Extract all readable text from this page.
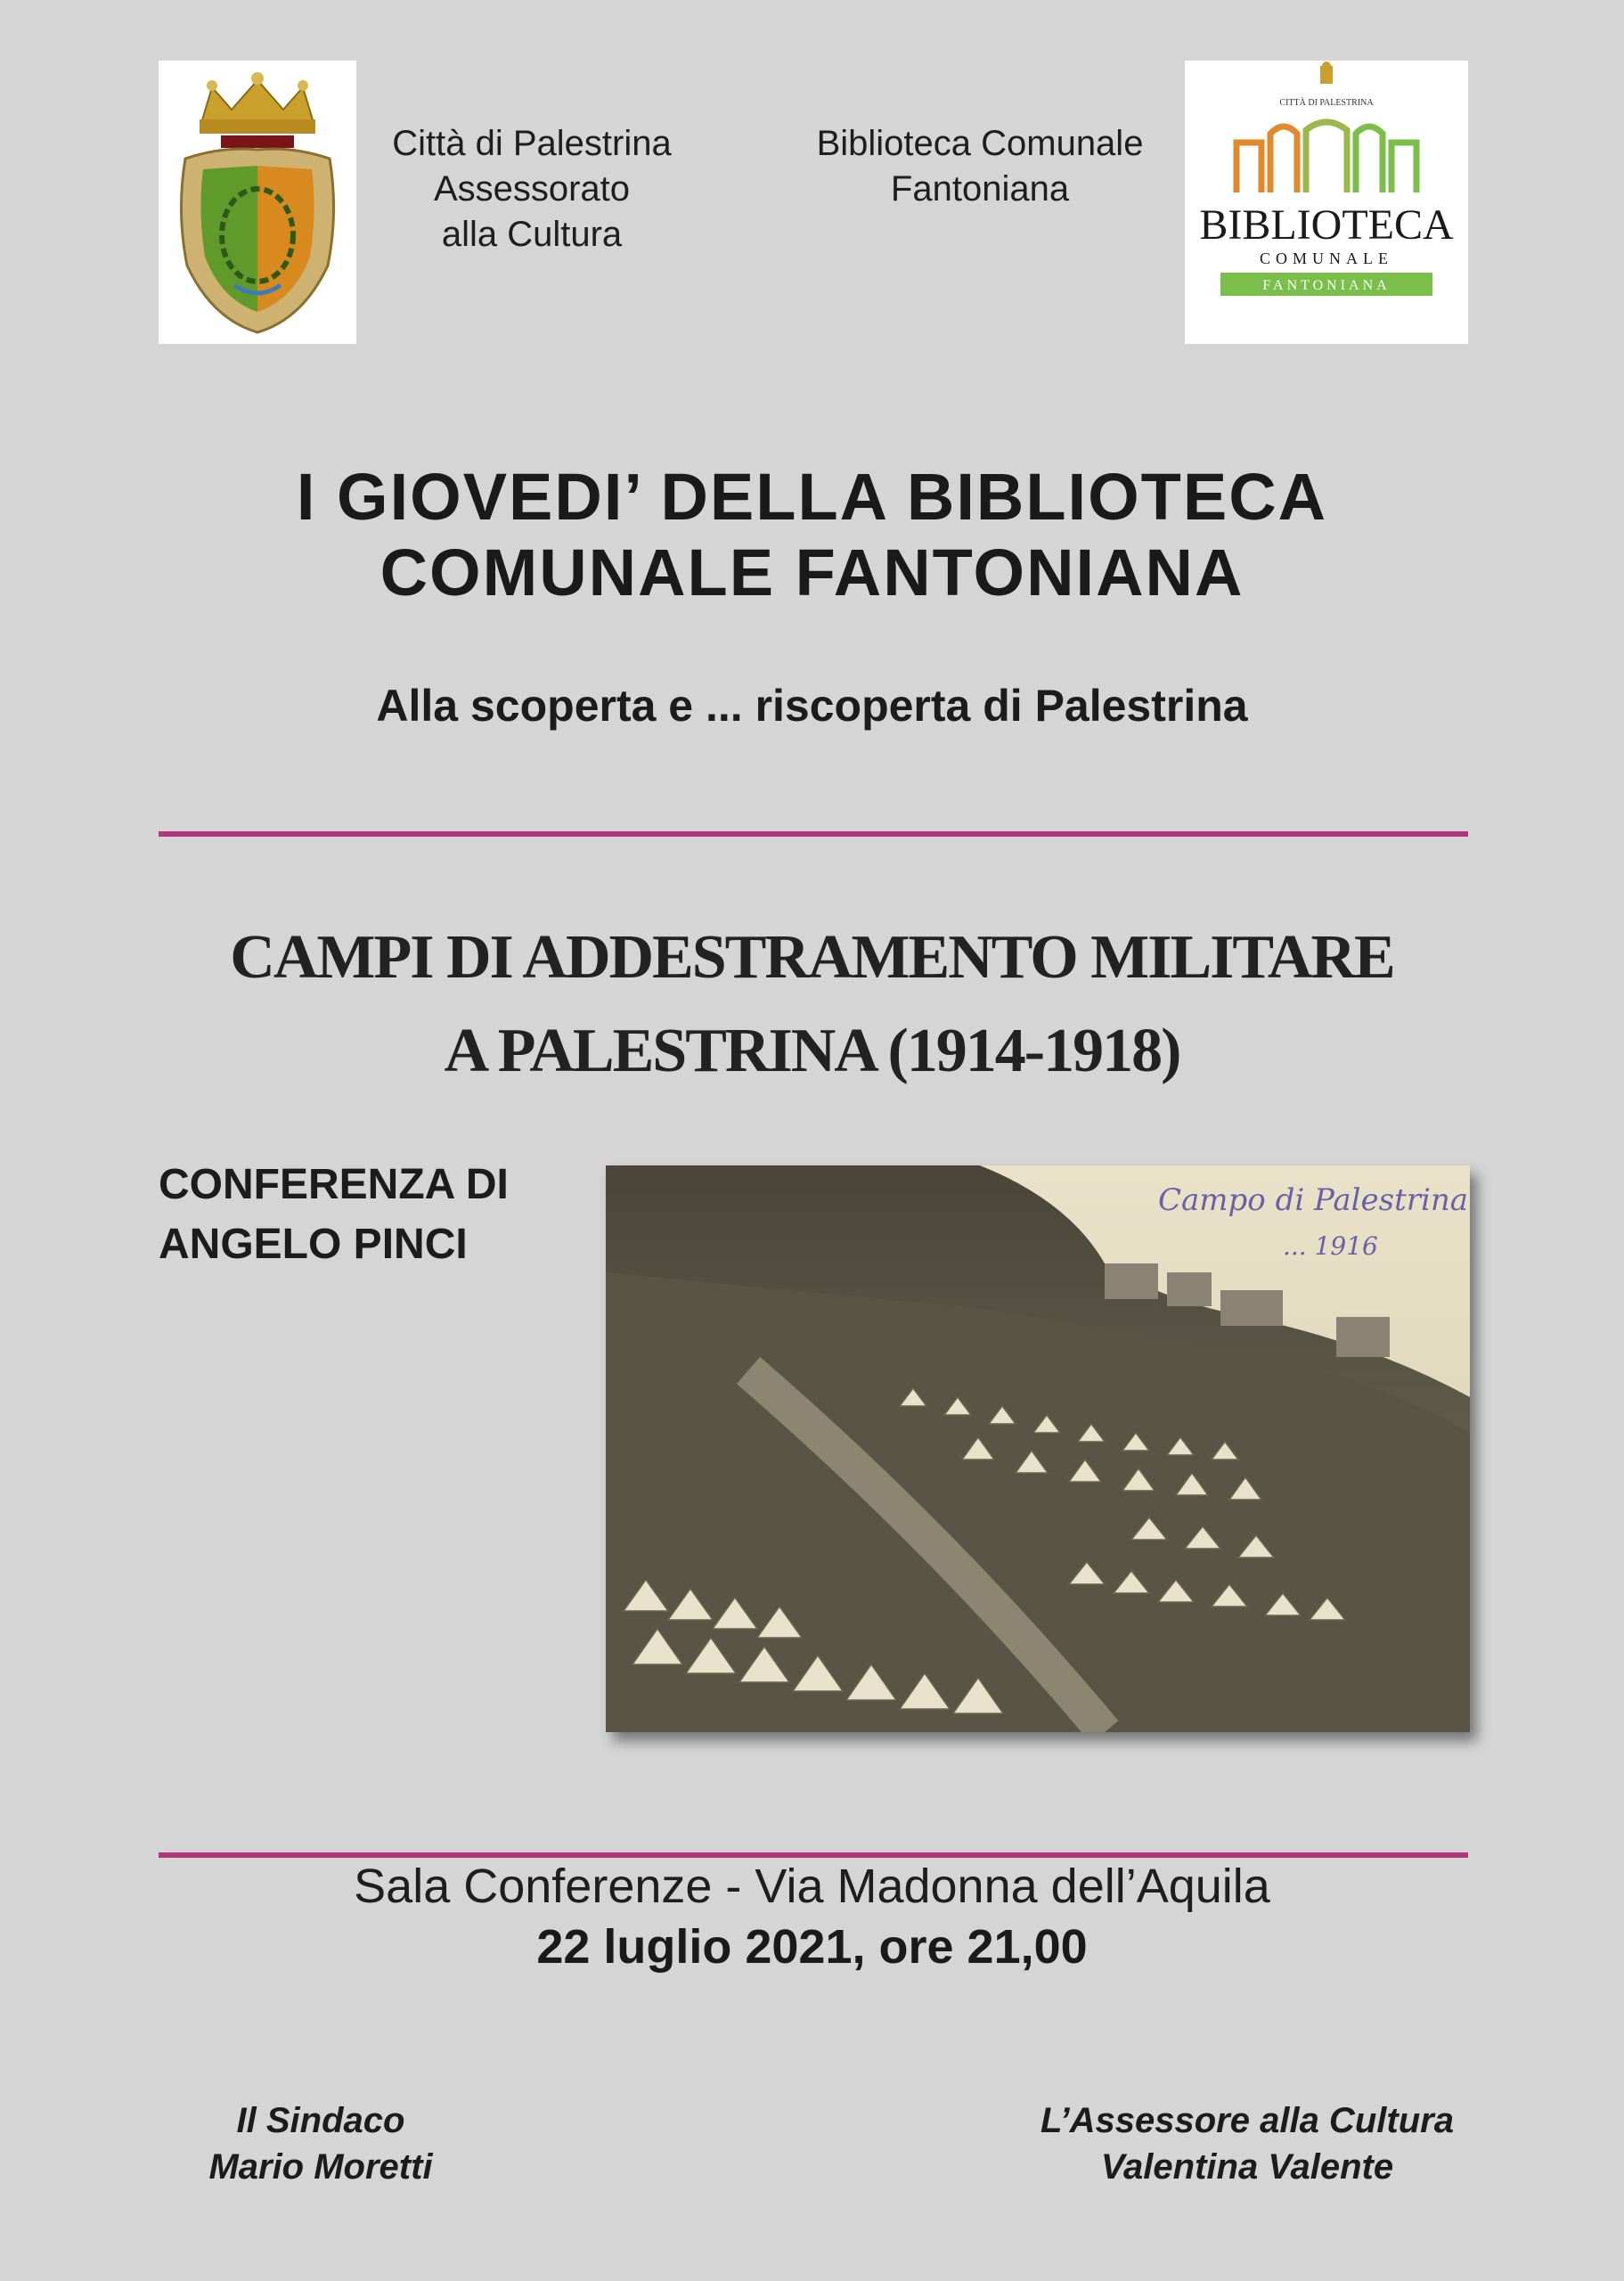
Città di Palestrina
Assessorato
alla Cultura
Biblioteca Comunale
Fantoniana
CITTÀ DI PALESTRINA
BIBLIOTECA
COMUNALE
FANTONIANA
I GIOVEDI’ DELLA BIBLIOTECA
COMUNALE FANTONIANA
Alla scoperta e ... riscoperta di Palestrina
CAMPI DI ADDESTRAMENTO MILITARE
A PALESTRINA (1914-1918)
CONFERENZA DI
ANGELO PINCI
Campo di Palestrina
... 1916
Sala Conferenze - Via Madonna dell’Aquila
22 luglio 2021, ore 21,00
Il Sindaco
Mario Moretti
L’Assessore alla Cultura
Valentina Valente
